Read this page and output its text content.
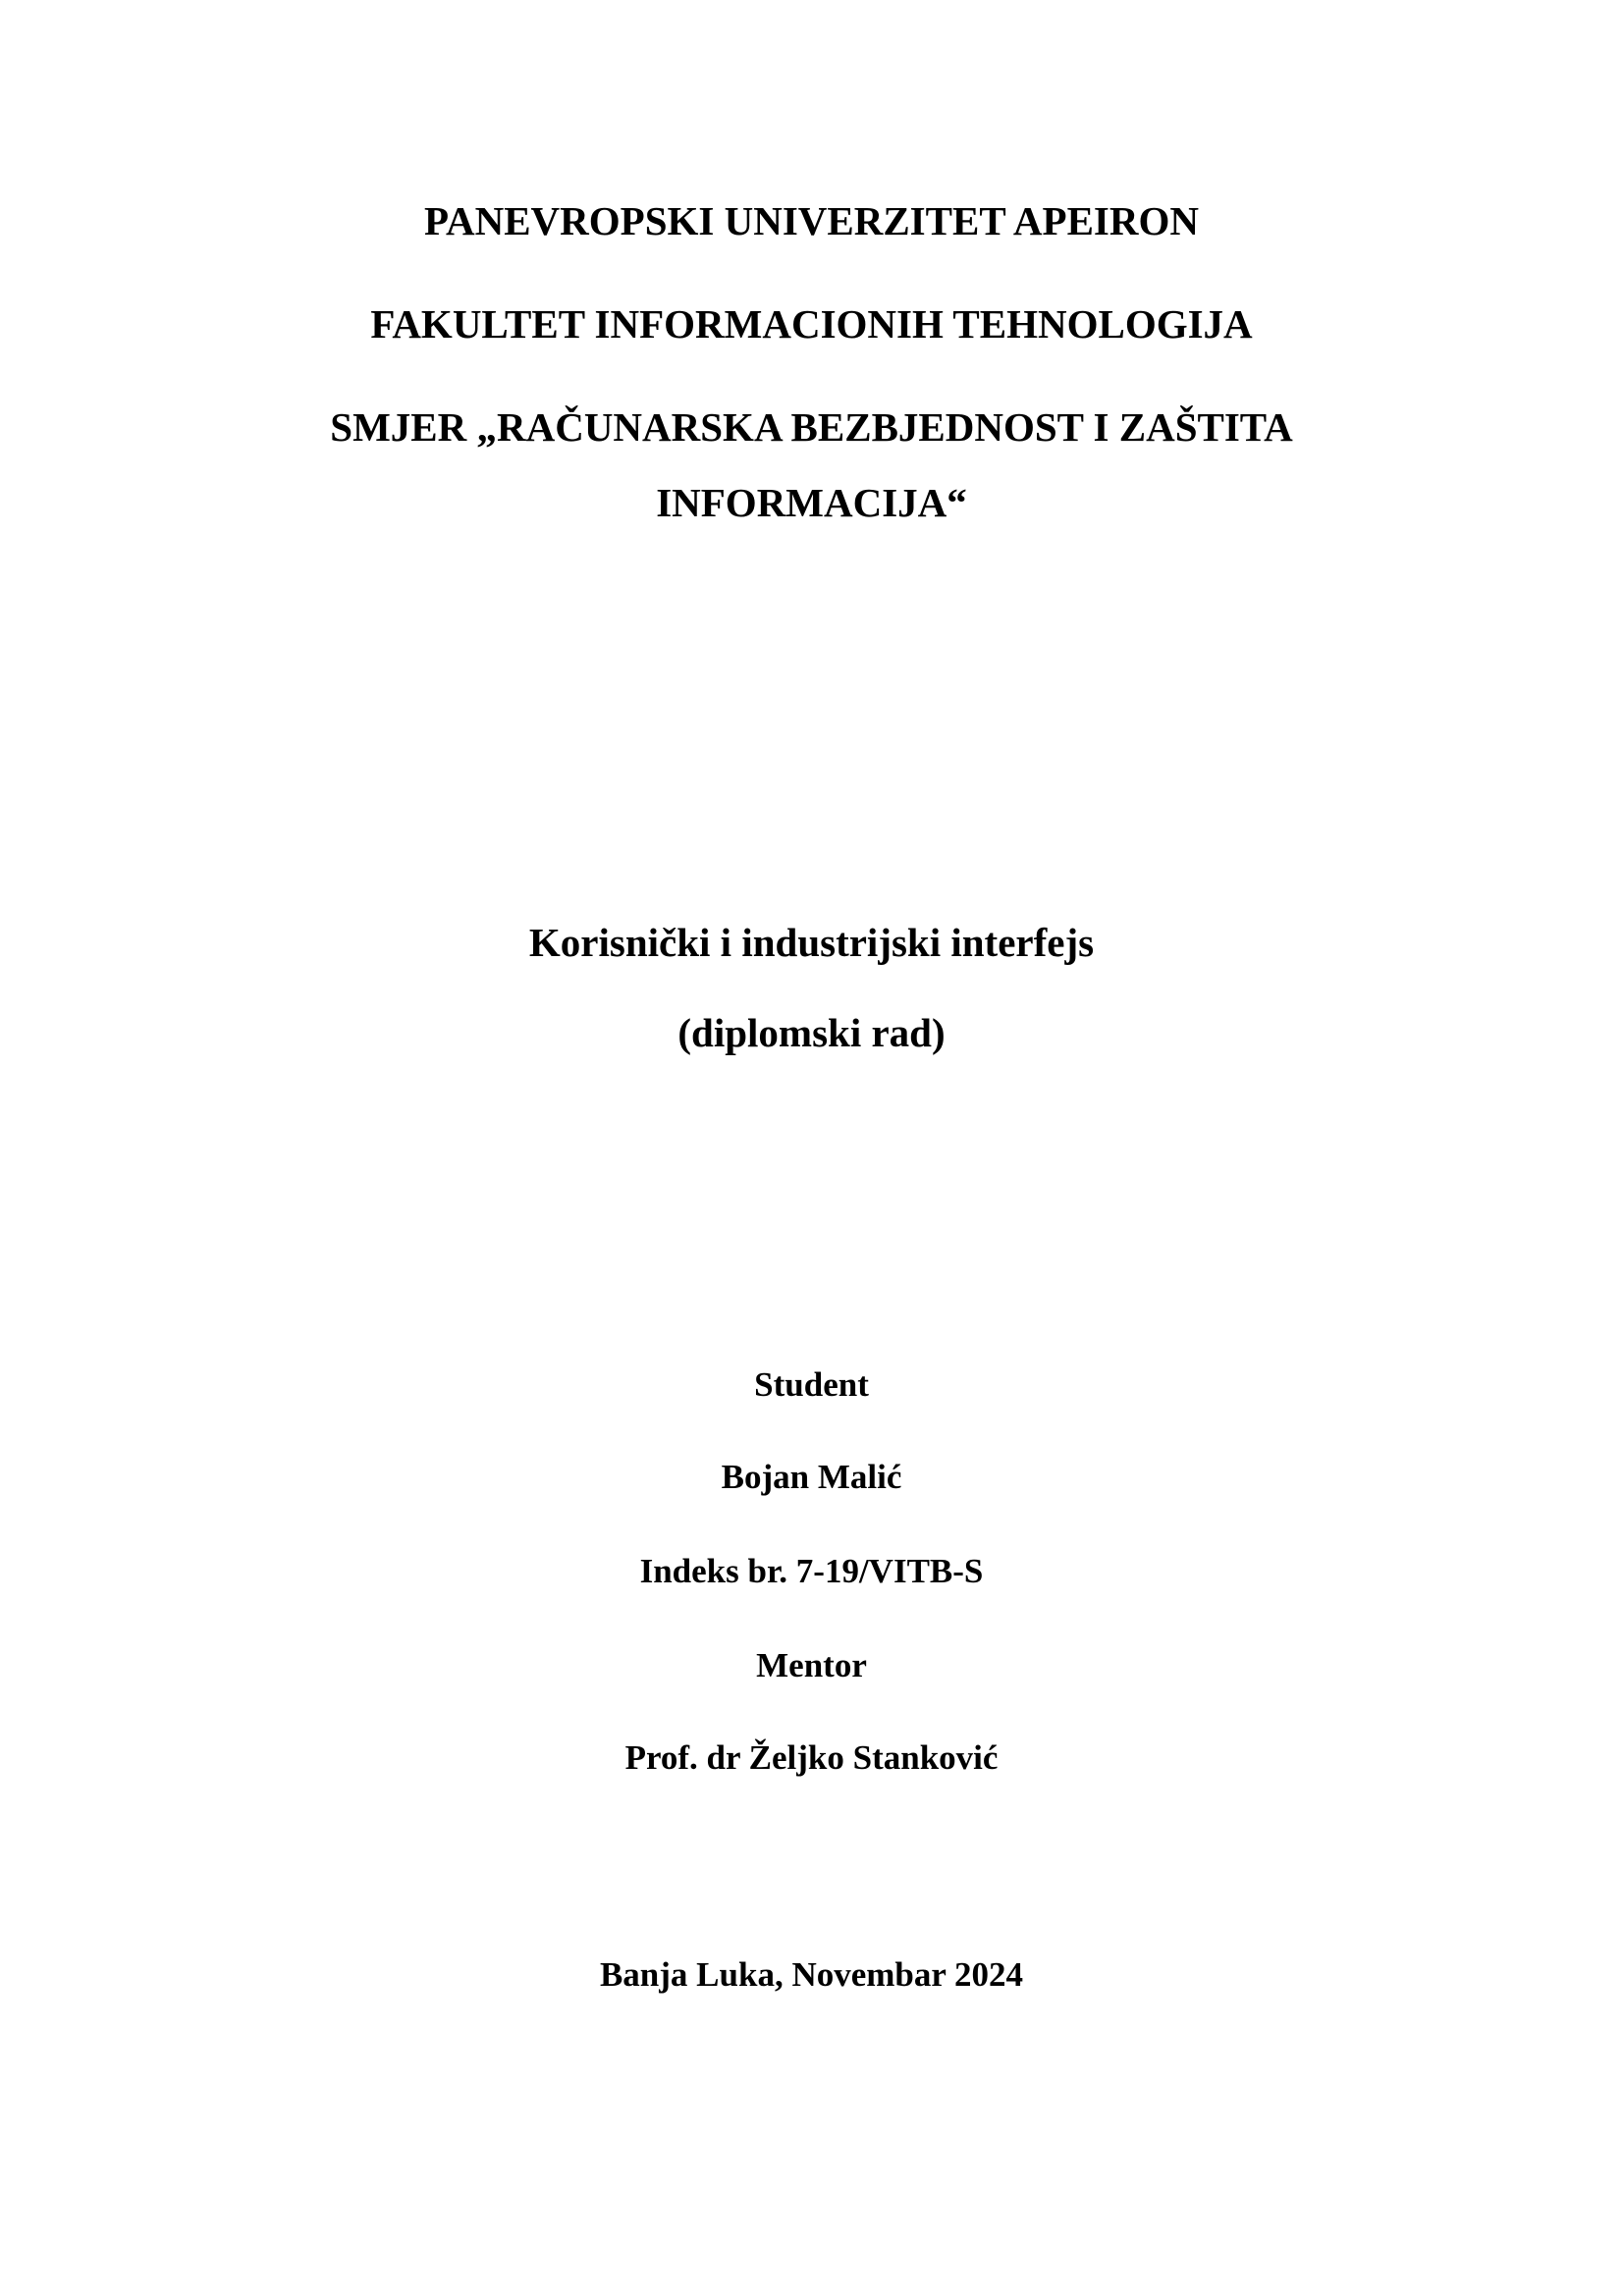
PANEVROPSKI UNIVERZITET APEIRON
FAKULTET INFORMACIONIH TEHNOLOGIJA
SMJER „RAČUNARSKA BEZBJEDNOST I ZAŠTITA
INFORMACIJA“
Korisnički i industrijski interfejs
(diplomski rad)
Student
Bojan Malić
Indeks br. 7-19/VITB-S
Mentor
Prof. dr Željko Stanković
Banja Luka, Novembar 2024
